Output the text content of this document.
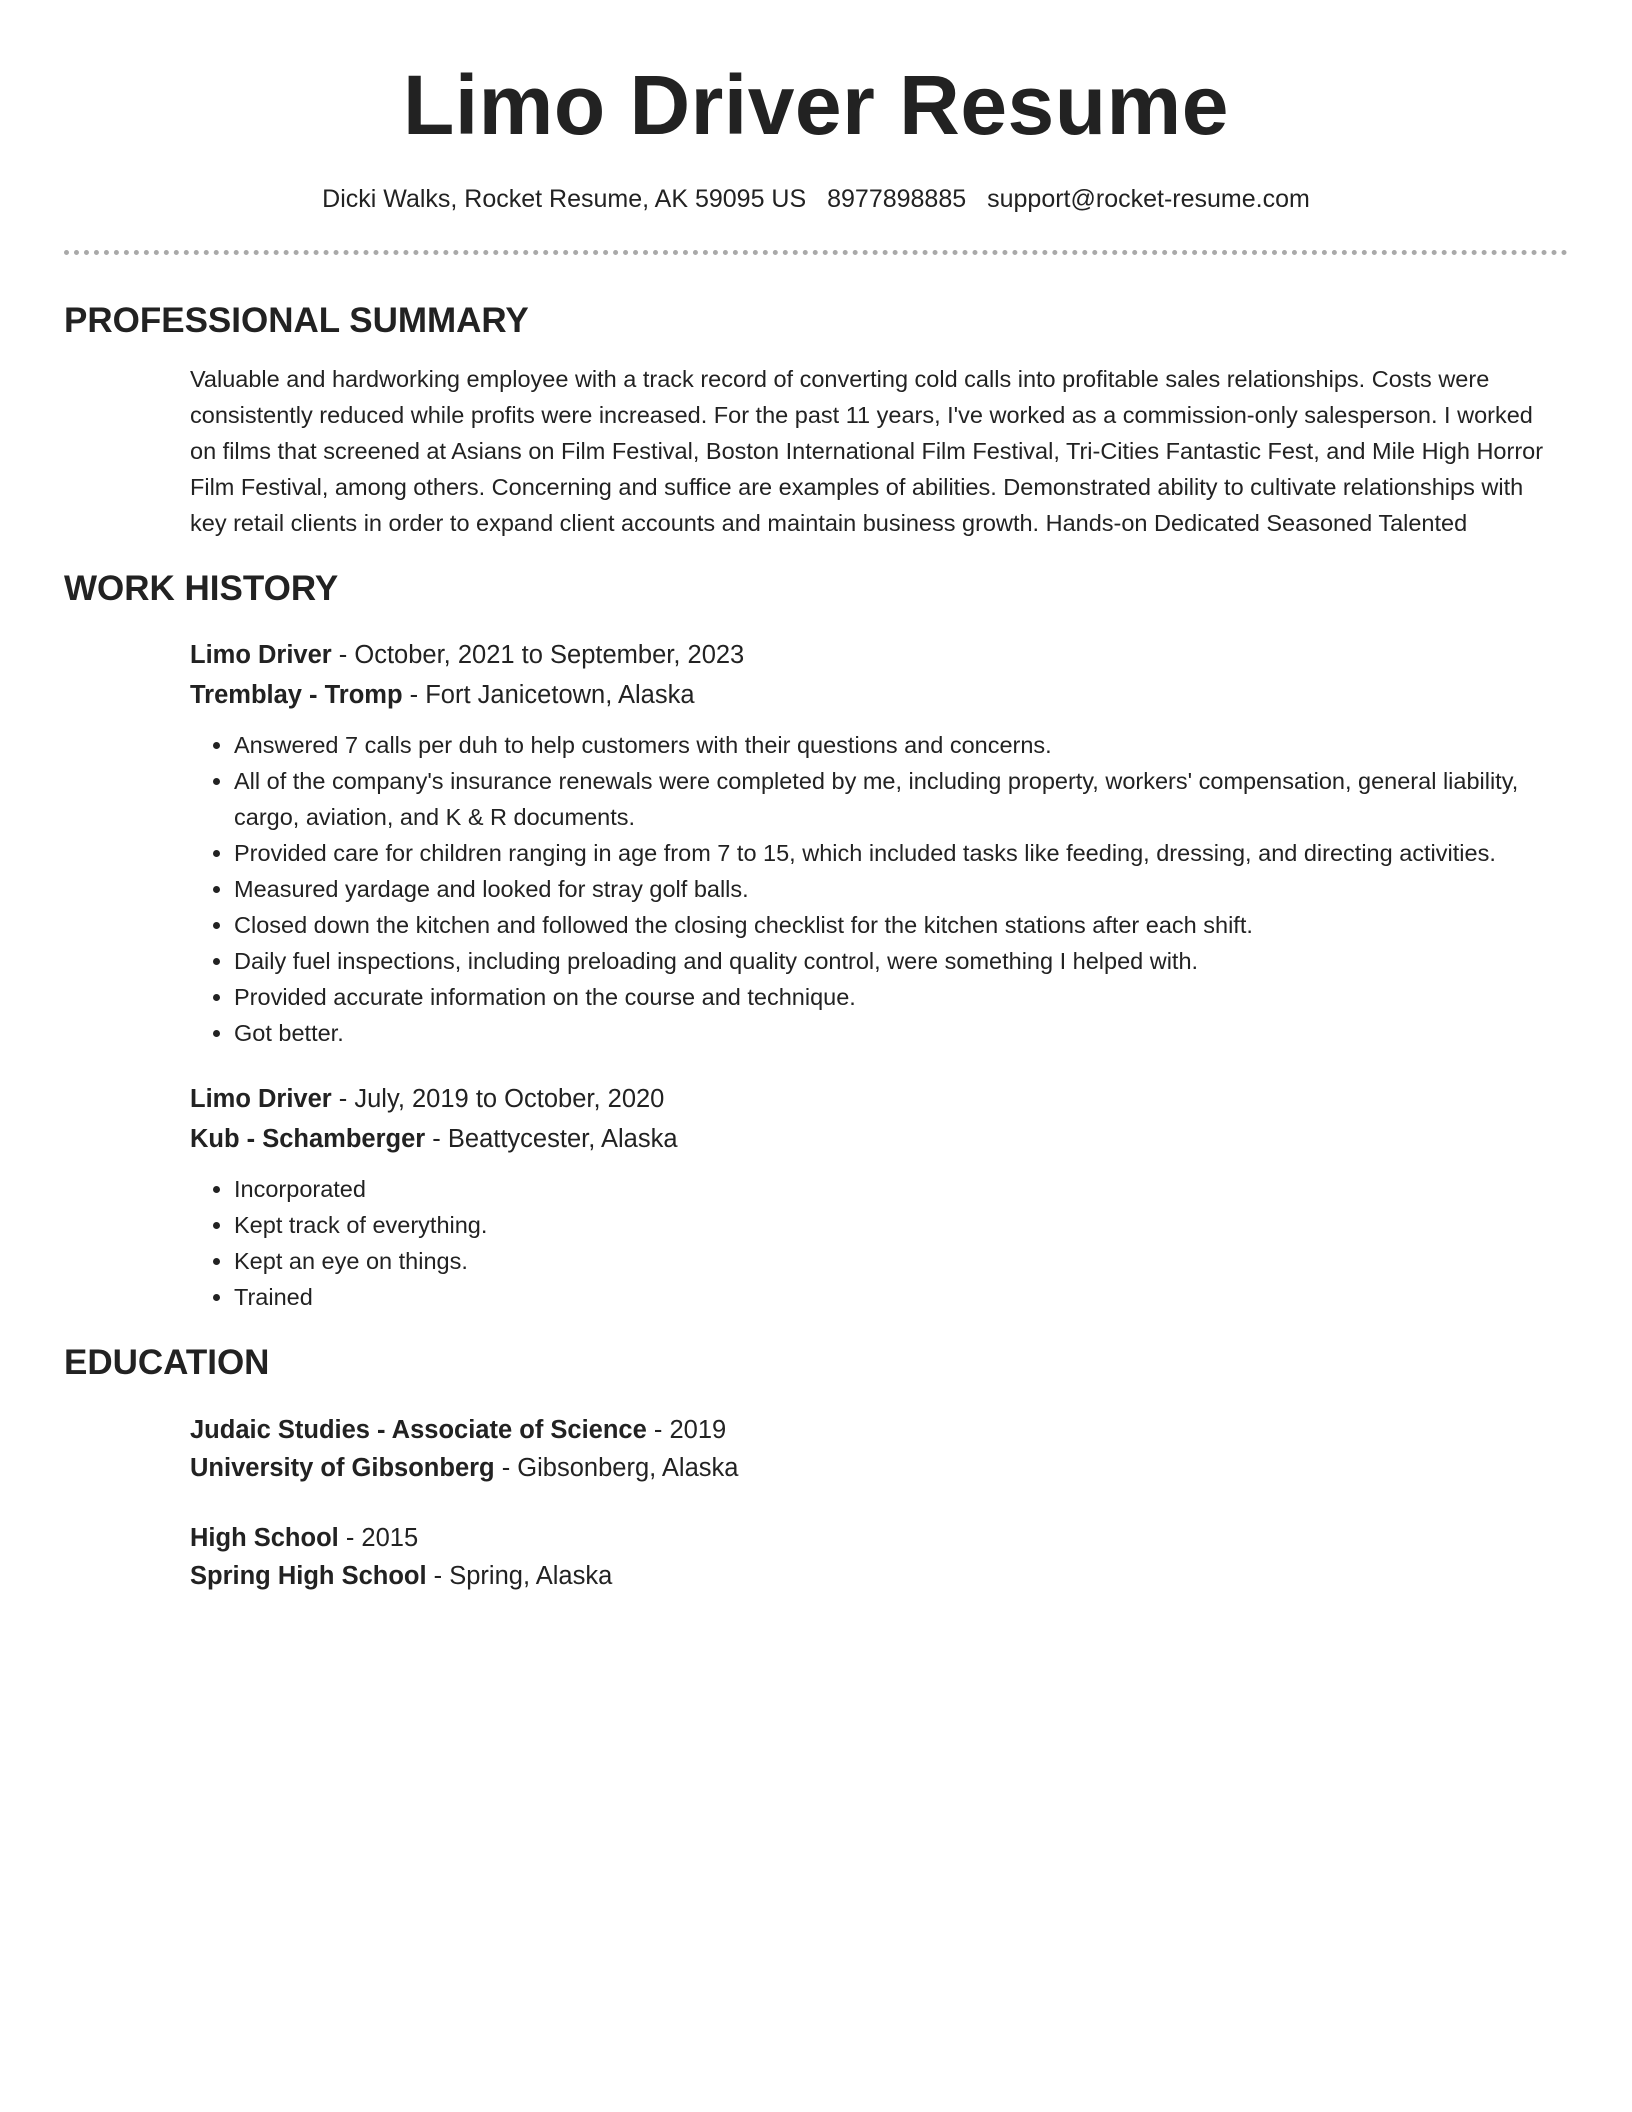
Limo Driver Resume
Dicki Walks, Rocket Resume, AK 59095 US 8977898885 support@rocket-resume.com
PROFESSIONAL SUMMARY
Valuable and hardworking employee with a track record of converting cold calls into profitable sales relationships. Costs were consistently reduced while profits were increased. For the past 11 years, I've worked as a commission-only salesperson. I worked on films that screened at Asians on Film Festival, Boston International Film Festival, Tri-Cities Fantastic Fest, and Mile High Horror Film Festival, among others. Concerning and suffice are examples of abilities. Demonstrated ability to cultivate relationships with key retail clients in order to expand client accounts and maintain business growth. Hands-on Dedicated Seasoned Talented
WORK HISTORY
Limo Driver - October, 2021 to September, 2023
Tremblay - Tromp - Fort Janicetown, Alaska
• Answered 7 calls per duh to help customers with their questions and concerns.
• All of the company's insurance renewals were completed by me, including property, workers' compensation, general liability, cargo, aviation, and K & R documents.
• Provided care for children ranging in age from 7 to 15, which included tasks like feeding, dressing, and directing activities.
• Measured yardage and looked for stray golf balls.
• Closed down the kitchen and followed the closing checklist for the kitchen stations after each shift.
• Daily fuel inspections, including preloading and quality control, were something I helped with.
• Provided accurate information on the course and technique.
• Got better.
Limo Driver - July, 2019 to October, 2020
Kub - Schamberger - Beattycester, Alaska
• Incorporated
• Kept track of everything.
• Kept an eye on things.
• Trained
EDUCATION
Judaic Studies - Associate of Science - 2019
University of Gibsonberg - Gibsonberg, Alaska
High School - 2015
Spring High School - Spring, Alaska
